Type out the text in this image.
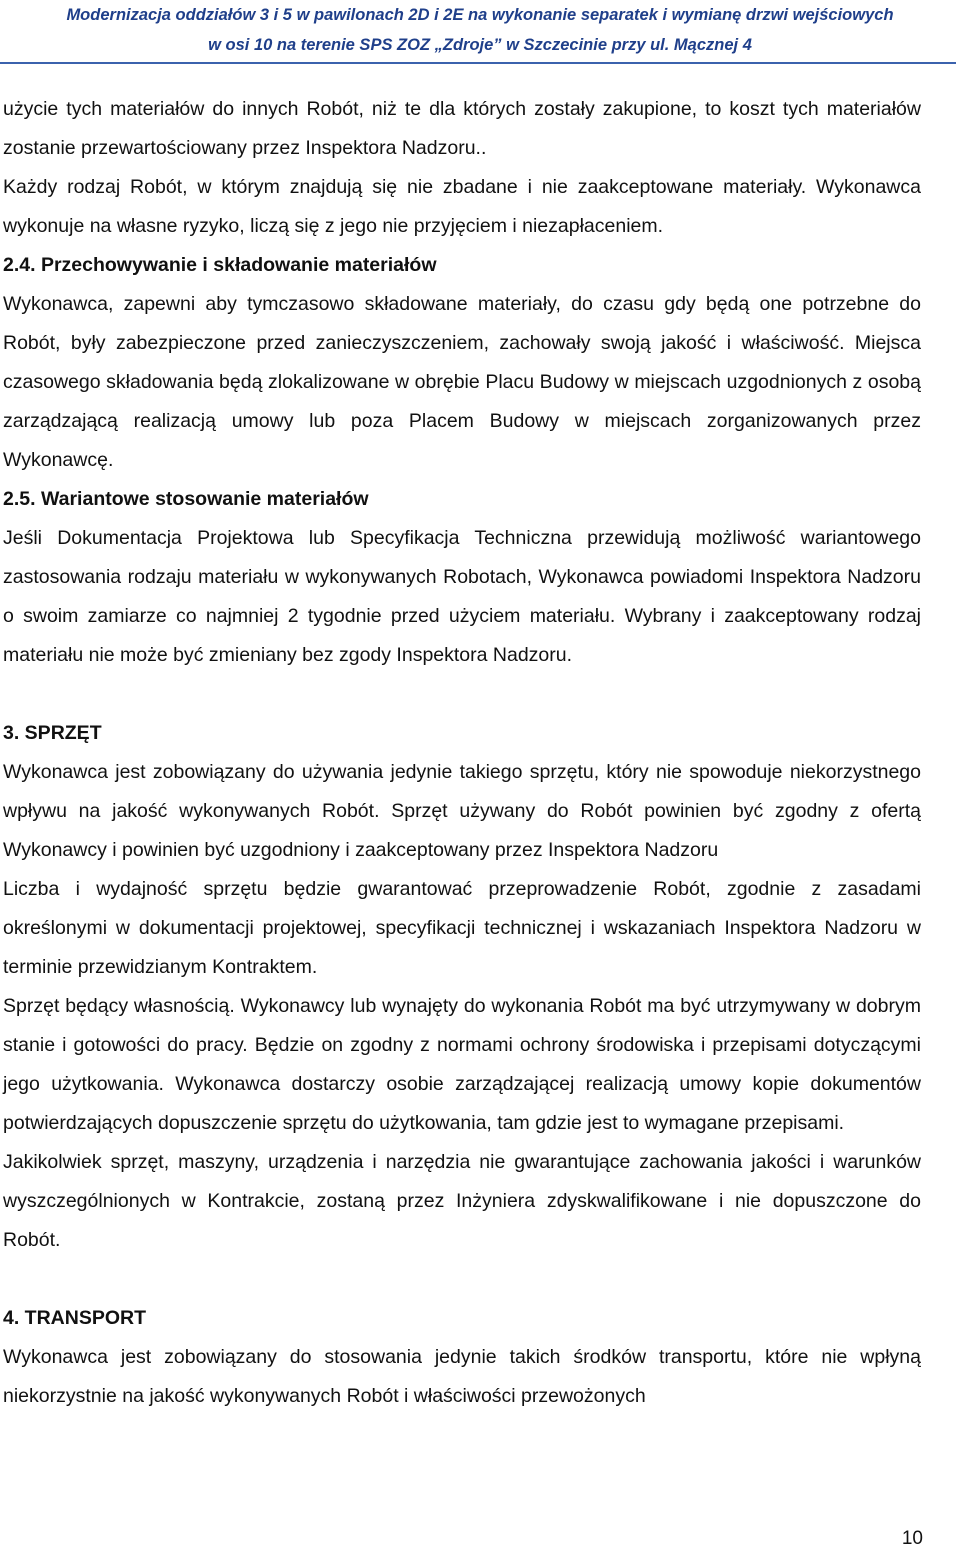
Modernizacja oddziałów 3 i 5 w pawilonach 2D i 2E na wykonanie separatek i wymianę drzwi wejściowych
w osi 10 na terenie SPS ZOZ „Zdroje” w Szczecinie przy ul. Mącznej 4

użycie tych materiałów do innych Robót, niż te dla których zostały zakupione, to koszt tych materiałów zostanie przewartościowany przez Inspektora Nadzoru..

Każdy rodzaj Robót, w którym znajdują się nie zbadane i nie zaakceptowane materiały. Wykonawca wykonuje na własne ryzyko, liczą się z jego nie przyjęciem i niezapłaceniem.

2.4. Przechowywanie i składowanie materiałów

Wykonawca, zapewni aby tymczasowo składowane materiały, do czasu gdy będą one potrzebne do Robót, były zabezpieczone przed zanieczyszczeniem, zachowały swoją jakość i właściwość. Miejsca czasowego składowania będą zlokalizowane w obrębie Placu Budowy w miejscach uzgodnionych z osobą zarządzającą realizacją umowy lub poza Placem Budowy w miejscach zorganizowanych przez Wykonawcę.

2.5. Wariantowe stosowanie materiałów

Jeśli Dokumentacja Projektowa lub Specyfikacja Techniczna przewidują możliwość wariantowego zastosowania rodzaju materiału w wykonywanych Robotach, Wykonawca powiadomi Inspektora Nadzoru o swoim zamiarze co najmniej 2 tygodnie przed użyciem materiału. Wybrany i zaakceptowany rodzaj materiału nie może być zmieniany bez zgody Inspektora Nadzoru.

3. SPRZĘT

Wykonawca jest zobowiązany do używania jedynie takiego sprzętu, który nie spowoduje niekorzystnego wpływu na jakość wykonywanych Robót. Sprzęt używany do Robót powinien być zgodny z ofertą Wykonawcy i powinien być uzgodniony i zaakceptowany przez Inspektora Nadzoru

Liczba i wydajność sprzętu będzie gwarantować przeprowadzenie Robót, zgodnie z zasadami określonymi w dokumentacji projektowej, specyfikacji technicznej i wskazaniach Inspektora Nadzoru w terminie przewidzianym Kontraktem.

Sprzęt będący własnością. Wykonawcy lub wynajęty do wykonania Robót ma być utrzymywany w dobrym stanie i gotowości do pracy. Będzie on zgodny z normami ochrony środowiska i przepisami dotyczącymi jego użytkowania. Wykonawca dostarczy osobie zarządzającej realizacją umowy kopie dokumentów potwierdzających dopuszczenie sprzętu do użytkowania, tam gdzie jest to wymagane przepisami.

Jakikolwiek sprzęt, maszyny, urządzenia i narzędzia nie gwarantujące zachowania jakości i warunków wyszczególnionych w Kontrakcie, zostaną przez Inżyniera zdyskwalifikowane i nie dopuszczone do Robót.

4. TRANSPORT

Wykonawca jest zobowiązany do stosowania jedynie takich środków transportu, które nie wpłyną niekorzystnie na jakość wykonywanych Robót i właściwości przewożonych

10
